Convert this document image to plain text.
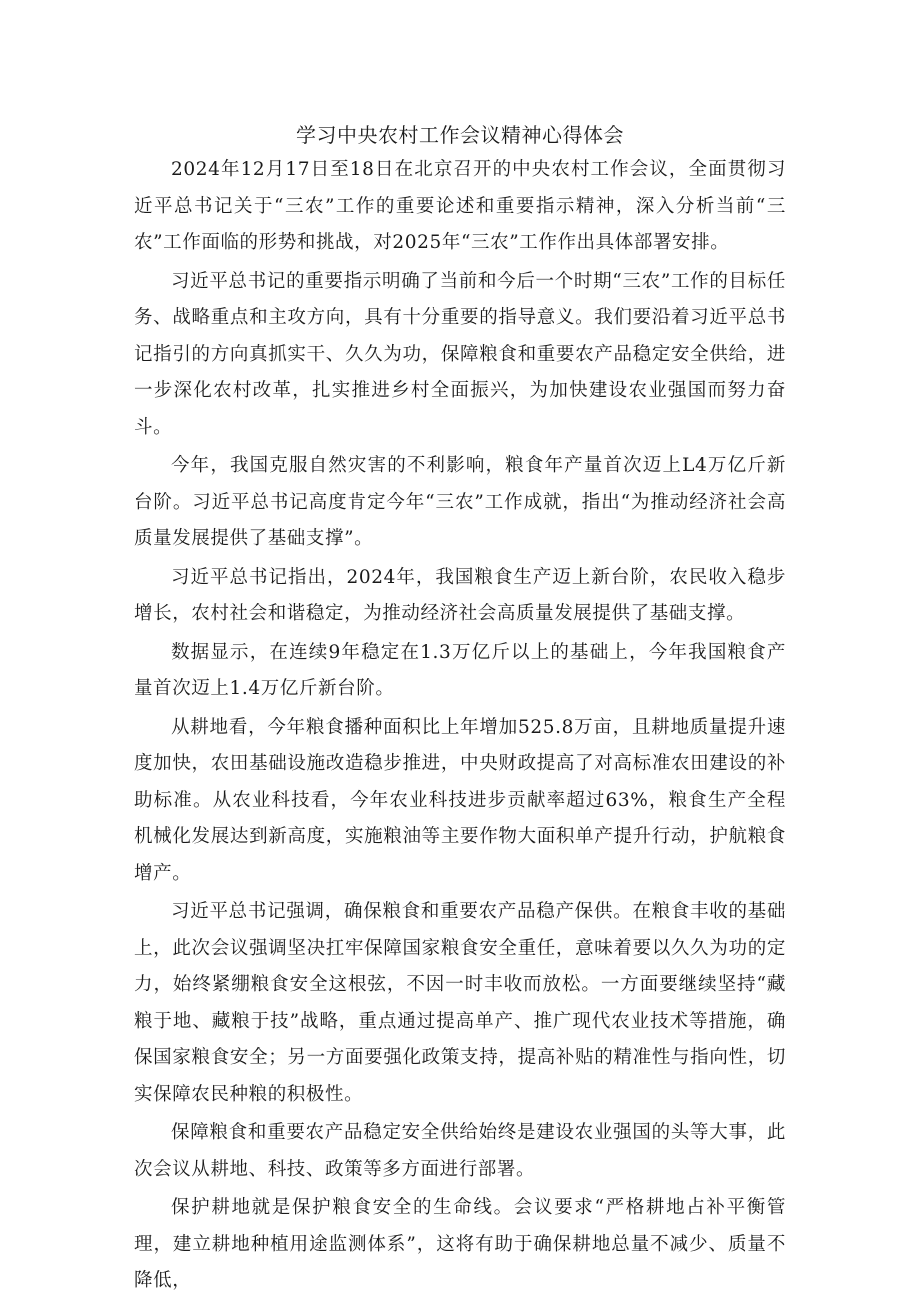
学习中央农村工作会议精神心得体会

2024年12月17日至18日在北京召开的中央农村工作会议，全面贯彻习近平总书记关于“三农”工作的重要论述和重要指示精神，深入分析当前“三农”工作面临的形势和挑战，对2025年“三农”工作作出具体部署安排。

习近平总书记的重要指示明确了当前和今后一个时期“三农”工作的目标任务、战略重点和主攻方向，具有十分重要的指导意义。我们要沿着习近平总书记指引的方向真抓实干、久久为功，保障粮食和重要农产品稳定安全供给，进一步深化农村改革，扎实推进乡村全面振兴，为加快建设农业强国而努力奋斗。

今年，我国克服自然灾害的不利影响，粮食年产量首次迈上L4万亿斤新台阶。习近平总书记高度肯定今年“三农”工作成就，指出“为推动经济社会高质量发展提供了基础支撑”。

习近平总书记指出，2024年，我国粮食生产迈上新台阶，农民收入稳步增长，农村社会和谐稳定，为推动经济社会高质量发展提供了基础支撑。

数据显示，在连续9年稳定在1.3万亿斤以上的基础上，今年我国粮食产量首次迈上1.4万亿斤新台阶。

从耕地看，今年粮食播种面积比上年增加525.8万亩，且耕地质量提升速度加快，农田基础设施改造稳步推进，中央财政提高了对高标准农田建设的补助标准。从农业科技看，今年农业科技进步贡献率超过63%，粮食生产全程机械化发展达到新高度，实施粮油等主要作物大面积单产提升行动，护航粮食增产。

习近平总书记强调，确保粮食和重要农产品稳产保供。在粮食丰收的基础上，此次会议强调坚决扛牢保障国家粮食安全重任，意味着要以久久为功的定力，始终紧绷粮食安全这根弦，不因一时丰收而放松。一方面要继续坚持“藏粮于地、藏粮于技”战略，重点通过提高单产、推广现代农业技术等措施，确保国家粮食安全；另一方面要强化政策支持，提高补贴的精准性与指向性，切实保障农民种粮的积极性。

保障粮食和重要农产品稳定安全供给始终是建设农业强国的头等大事，此次会议从耕地、科技、政策等多方面进行部署。

保护耕地就是保护粮食安全的生命线。会议要求“严格耕地占补平衡管理，建立耕地种植用途监测体系”，这将有助于确保耕地总量不减少、质量不降低，
